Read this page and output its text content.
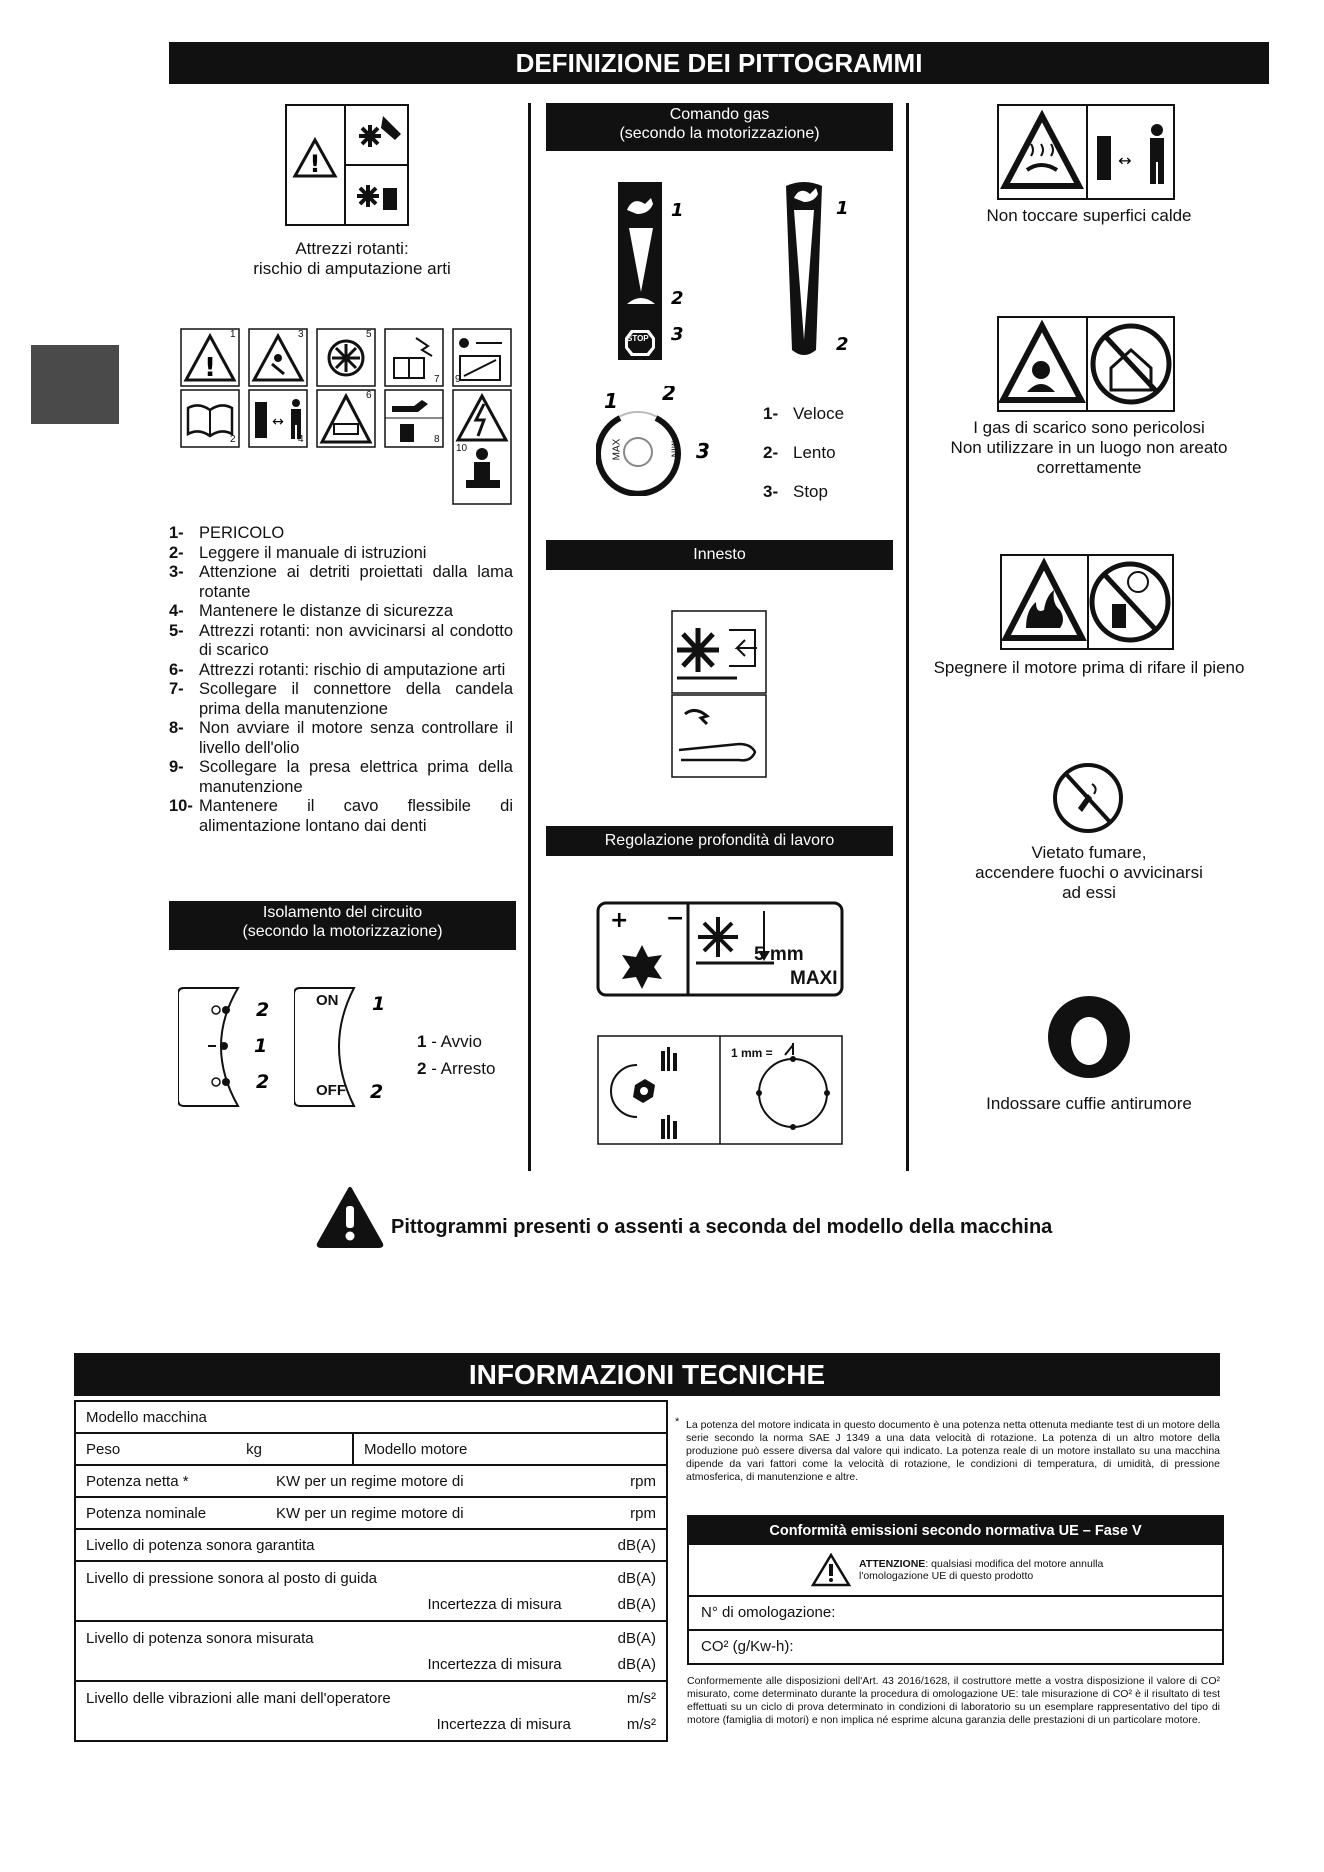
DEFINIZIONE DEI PITTOGRAMMI
!
Attrezzi rotanti:
rischio di amputazione arti
!
↔
1
2
3
4
5
6
7
8
9
10
1- PERICOLO
2- Leggere il manuale di istruzioni
3- Attenzione ai detriti proiettati dalla lama rotante
4- Mantenere le distanze di sicurezza
5- Attrezzi rotanti: non avvicinarsi al condotto di scarico
6- Attrezzi rotanti: rischio di amputazione arti
7- Scollegare il connettore della candela prima della manutenzione
8- Non avviare il motore senza controllare il livello dell'olio
9- Scollegare la presa elettrica prima della manutenzione
10- Mantenere il cavo flessibile di alimentazione lontano dai denti
Isolamento del circuito
(secondo la motorizzazione)
2
1
2
1
2
ON
OFF
1 - Avvio
2 - Arresto
Comando gas
(secondo la motorizzazione)
1
2
3
STOP
1
2
1 2
3
MAX	MIN
1- Veloce
2- Lento
3- Stop
Innesto
Regolazione profondità di lavoro
+ −
5 mm
MAXI
1 mm =
↔
Non toccare superfici calde
I gas di scarico sono pericolosi
Non utilizzare in un luogo non areato
correttamente
Spegnere il motore prima di rifare il pieno
Vietato fumare,
accendere fuochi o avvicinarsi
ad essi
Indossare cuffie antirumore
Pittogrammi presenti o assenti a seconda del modello della macchina
INFORMAZIONI TECNICHE
Modello macchina

Peso	kg	Modello motore

Potenza netta *	KW per un regime motore di	rpm

Potenza nominale	KW per un regime motore di	rpm

Livello di potenza sonora garantita	dB(A)

Livello di pressione sonora al posto di guida	dB(A)
Incertezza di misura	dB(A)

Livello di potenza sonora misurata	dB(A)
Incertezza di misura	dB(A)

Livello delle vibrazioni alle mani dell'operatore	m/s²
Incertezza di misura	m/s²
* La potenza del motore indicata in questo documento è una potenza netta ottenuta mediante test di un motore della serie secondo la norma SAE J 1349 a una data velocità di rotazione. La potenza di un altro motore della produzione può essere diversa dal valore qui indicato. La potenza reale di un motore installato su una macchina dipende da vari fattori come la velocità di rotazione, le condizioni di temperatura, di umidità, di pressione atmosferica, di manutenzione e altre.
Conformità emissioni secondo normativa UE – Fase V
ATTENZIONE: qualsiasi modifica del motore annulla l'omologazione UE di questo prodotto
N° di omologazione:
CO² (g/Kw-h):
Conformemente alle disposizioni dell'Art. 43 2016/1628, il costruttore mette a vostra disposizione il valore di CO² misurato, come determinato durante la procedura di omologazione UE: tale misurazione di CO² è il risultato di test effettuati su un ciclo di prova determinato in condizioni di laboratorio su un esemplare rappresentativo del tipo di motore (famiglia di motori) e non implica né esprime alcuna garanzia delle prestazioni di un particolare motore.
